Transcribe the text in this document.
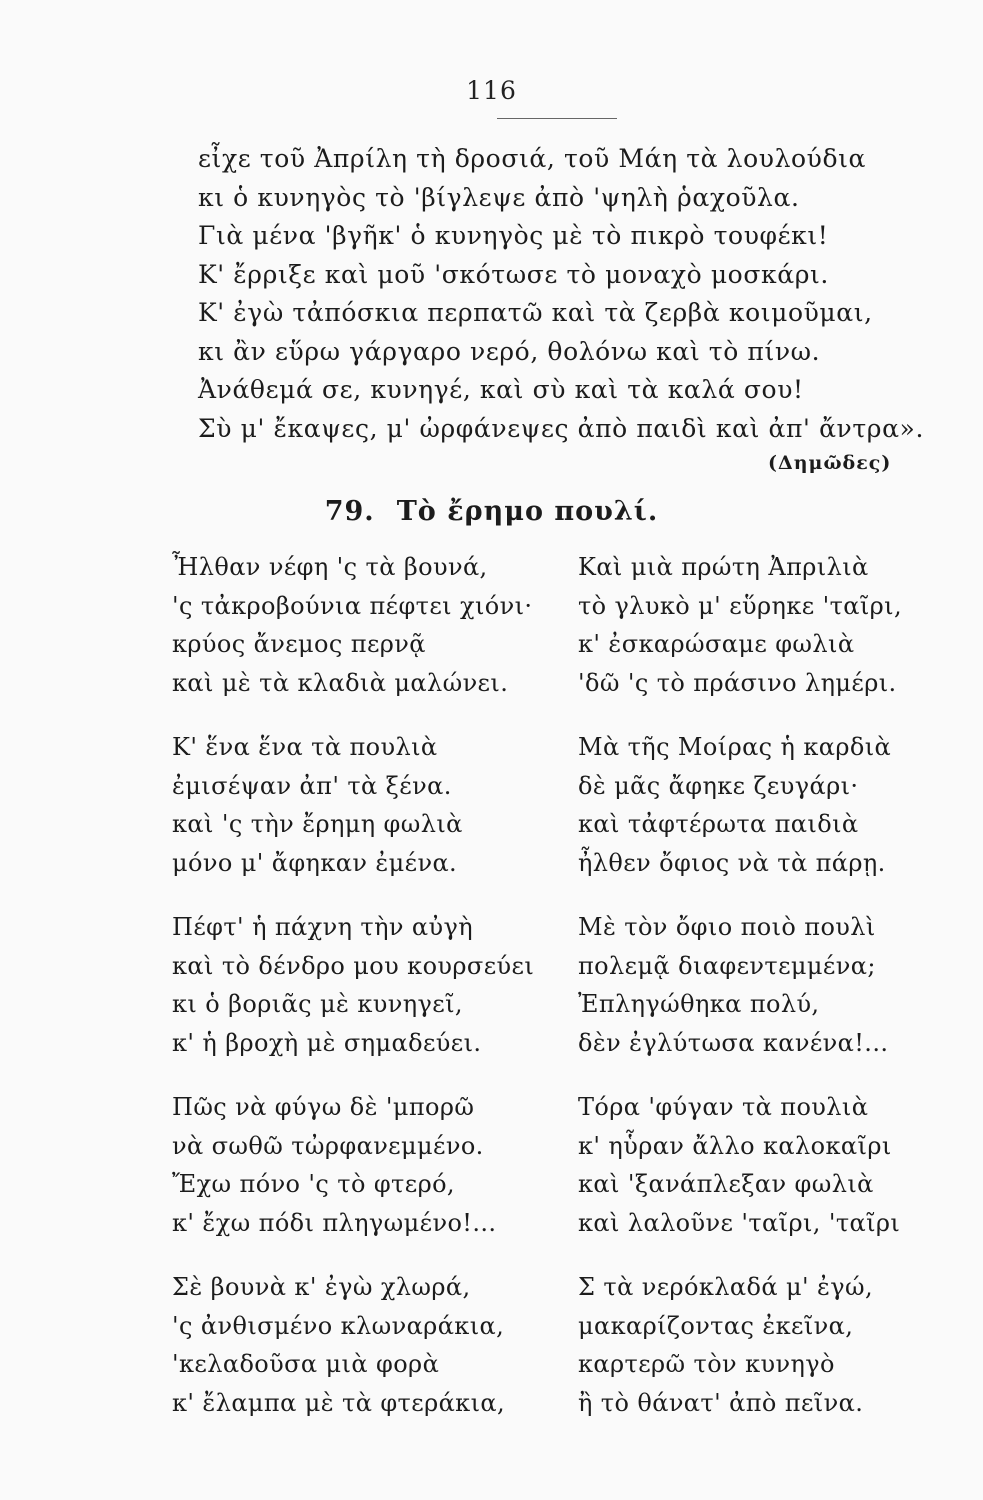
116
εἶχε τοῦ Ἀπρίλη τὴ δροσιά, τοῦ Μάη τὰ λουλούδια
κι ὁ κυνηγὸς τὸ 'βίγλεψε ἀπὸ 'ψηλὴ ῥαχοῦλα.
Γιὰ μένα 'βγῆκ' ὁ κυνηγὸς μὲ τὸ πικρὸ τουφέκι!
Κ' ἔρριξε καὶ μοῦ 'σκότωσε τὸ μοναχὸ μοσκάρι.
Κ' ἐγὼ τἀπόσκια περπατῶ καὶ τὰ ζερβὰ κοιμοῦμαι,
κι ἂν εὕρω γάργαρο νερό, θολόνω καὶ τὸ πίνω.
Ἀνάθεμά σε, κυνηγέ, καὶ σὺ καὶ τὰ καλά σου!
Σὺ μ' ἔκαψες, μ' ὠρφάνεψες ἀπὸ παιδὶ καὶ ἀπ' ἄντρα».
(Δημῶδες)
79. Τὸ ἔρημο πουλί.
Ἦλθαν νέφη 'ς τὰ βουνά,
'ς τἀκροβούνια πέφτει χιόνι·
κρύος ἄνεμος περνᾷ
καὶ μὲ τὰ κλαδιὰ μαλώνει.
Κ' ἕνα ἕνα τὰ πουλιὰ
ἐμισέψαν ἀπ' τὰ ξένα.
καὶ 'ς τὴν ἔρημη φωλιὰ
μόνο μ' ἄφηκαν ἐμένα.
Πέφτ' ἡ πάχνη τὴν αὐγὴ
καὶ τὸ δένδρο μου κουρσεύει
κι ὁ βοριᾶς μὲ κυνηγεῖ,
κ' ἡ βροχὴ μὲ σημαδεύει.
Πῶς νὰ φύγω δὲ 'μπορῶ
νὰ σωθῶ τὠρφανεμμένο.
Ἔχω πόνο 'ς τὸ φτερό,
κ' ἔχω πόδι πληγωμένο!...
Σὲ βουνὰ κ' ἐγὼ χλωρά,
'ς ἀνθισμένο κλωναράκια,
'κελαδοῦσα μιὰ φορὰ
κ' ἔλαμπα μὲ τὰ φτεράκια,
Καὶ μιὰ πρώτη Ἀπριλιὰ
τὸ γλυκὸ μ' εὕρηκε 'ταῖρι,
κ' ἐσκαρώσαμε φωλιὰ
'δῶ 'ς τὸ πράσινο λημέρι.
Μὰ τῆς Μοίρας ἡ καρδιὰ
δὲ μᾶς ἄφηκε ζευγάρι·
καὶ τἀφτέρωτα παιδιὰ
ἦλθεν ὄφιος νὰ τὰ πάρῃ.
Μὲ τὸν ὄφιο ποιὸ πουλὶ
πολεμᾷ διαφεντεμμένα;
Ἐπληγώθηκα πολύ,
δὲν ἐγλύτωσα κανένα!...
Τόρα 'φύγαν τὰ πουλιὰ
κ' ηὗραν ἄλλο καλοκαῖρι
καὶ 'ξανάπλεξαν φωλιὰ
καὶ λαλοῦνε 'ταῖρι, 'ταῖρι
Σ τὰ νερόκλαδά μ' ἐγώ,
μακαρίζοντας ἐκεῖνα,
καρτερῶ τὸν κυνηγὸ
ἢ τὸ θάνατ' ἀπὸ πεῖνα.
